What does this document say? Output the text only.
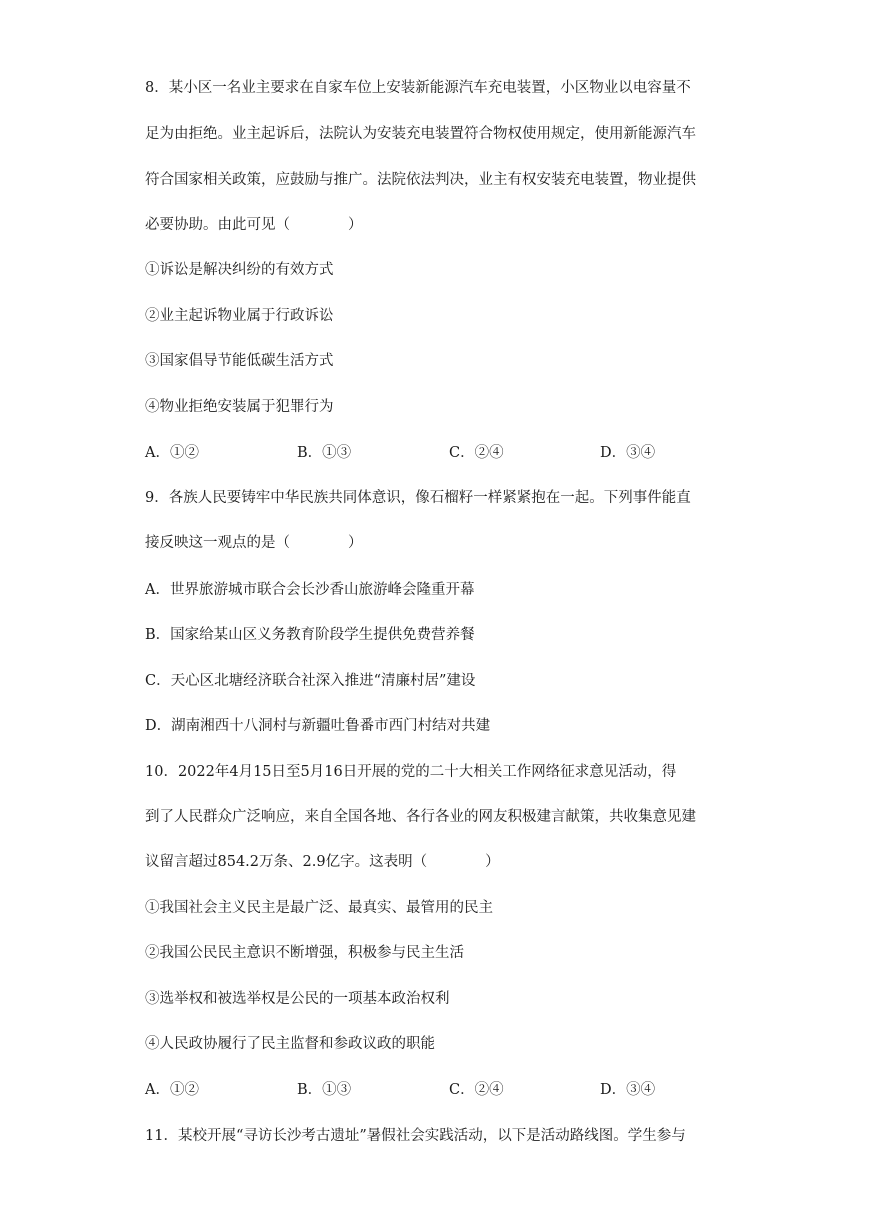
8．某小区一名业主要求在自家车位上安装新能源汽车充电装置，小区物业以电容量不
足为由拒绝。业主起诉后，法院认为安装充电装置符合物权使用规定，使用新能源汽车
符合国家相关政策，应鼓励与推广。法院依法判决，业主有权安装充电装置，物业提供
必要协助。由此可见（　　　　）
①诉讼是解决纠纷的有效方式
②业主起诉物业属于行政诉讼
③国家倡导节能低碳生活方式
④物业拒绝安装属于犯罪行为
A．①②	B．①③	C．②④	D．③④
9．各族人民要铸牢中华民族共同体意识，像石榴籽一样紧紧抱在一起。下列事件能直
接反映这一观点的是（　　　　）
A．世界旅游城市联合会长沙香山旅游峰会隆重开幕
B．国家给某山区义务教育阶段学生提供免费营养餐
C．天心区北塘经济联合社深入推进“清廉村居”建设
D．湖南湘西十八洞村与新疆吐鲁番市西门村结对共建
10．2022年4月15日至5月16日开展的党的二十大相关工作网络征求意见活动，得
到了人民群众广泛响应，来自全国各地、各行各业的网友积极建言献策，共收集意见建
议留言超过854.2万条、2.9亿字。这表明（　　　　）
①我国社会主义民主是最广泛、最真实、最管用的民主
②我国公民民主意识不断增强，积极参与民主生活
③选举权和被选举权是公民的一项基本政治权利
④人民政协履行了民主监督和参政议政的职能
A．①②	B．①③	C．②④	D．③④
11．某校开展“寻访长沙考古遗址”暑假社会实践活动，以下是活动路线图。学生参与
